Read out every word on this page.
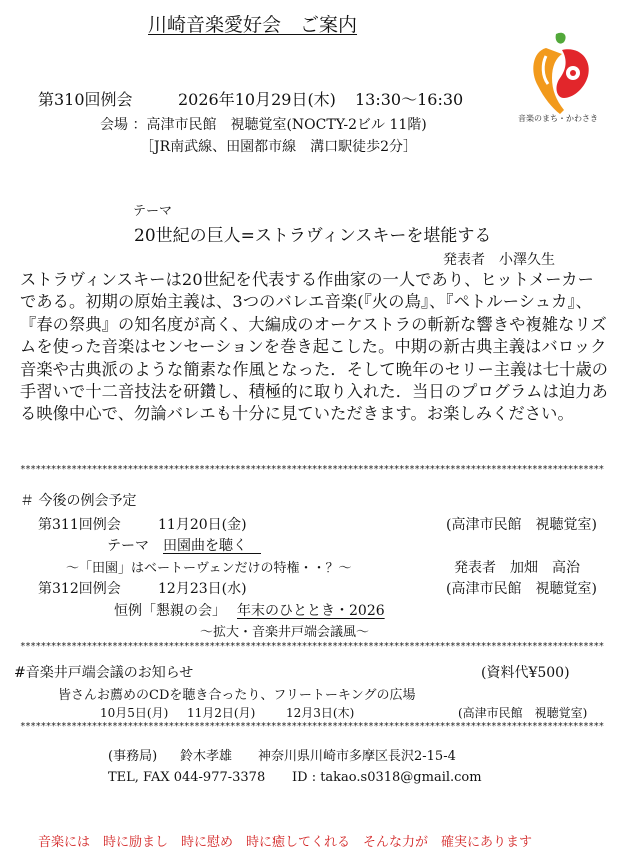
川崎音楽愛好会　ご案内
音楽のまち・かわさき
第310回例会	2026年10月29日(木) 13:30〜16:30
会場 ：高津市民館　視聴覚室(NOCTY-2ビル 11階)
［JR南武線、田園都市線　溝口駅徒歩2分］
テーマ
20世紀の巨人=ストラヴィンスキーを堪能する
発表者　小澤久生
ストラヴィンスキーは20世紀を代表する作曲家の一人であり、ヒットメーカーである。初期の原始主義は、3つのバレエ音楽(『火の鳥』、『ペトルーシュカ』、『春の祭典』の知名度が高く、大編成のオーケストラの斬新な響きや複雑なリズムを使った音楽はセンセーションを巻き起こした。中期の新古典主義はバロック音楽や古典派のような簡素な作風となった．そして晩年のセリー主義は七十歳の手習いで十二音技法を研鑽し、積極的に取り入れた．当日のプログラムは迫力ある映像中心で、勿論バレエも十分に見ていただきます。お楽しみください。
******************************************************************************************************************
＃ 今後の例会予定
第311回例会	11月20日(金)	(高津市民館　視聴覚室)
テーマ 田園曲を聴く　
〜「田園」はベートーヴェンだけの特権・・？〜	発表者　加畑　高治
第312回例会	12月23日(水)	(高津市民館　視聴覚室)
恒例「懇親の会」 年末のひととき・2026
〜拡大・音楽井戸端会議風〜
******************************************************************************************************************
#音楽井戸端会議のお知らせ	(資料代¥500)
皆さんお薦めのCDを聴き合ったり、フリートーキングの広場
10月5日(月) 11月2日(月)	12月3日(木)	(高津市民館　視聴覚室)
******************************************************************************************************************
(事務局) 鈴木孝雄 神奈川県川崎市多摩区長沢2-15-4
TEL, FAX 044-977-3378 ID : takao.s0318@gmail.com
音楽には　時に励まし　時に慰め　時に癒してくれる　そんな力が　確実にあります
